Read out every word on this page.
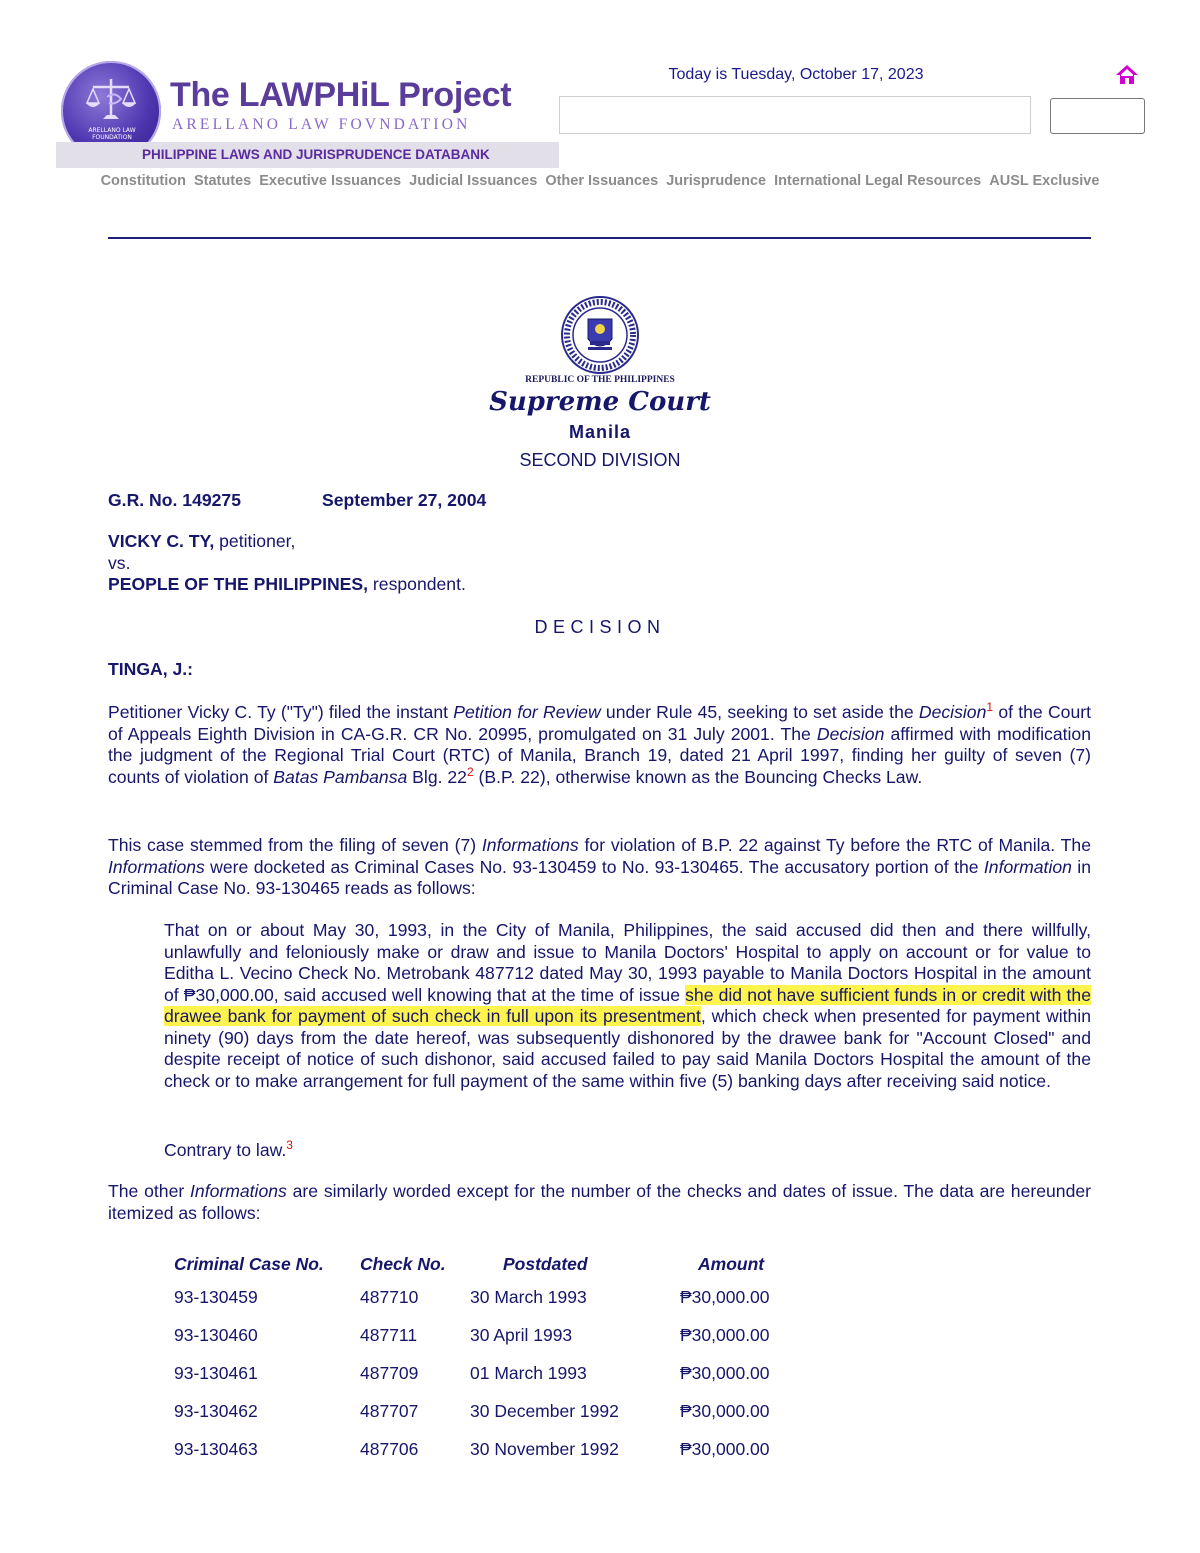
ARELLANO LAW FOUNDATION
The LAWPHiL Project
ARELLANO LAW FOVNDATION
PHILIPPINE LAWS AND JURISPRUDENCE DATABANK
Today is Tuesday, October 17, 2023
Constitution Statutes Executive Issuances Judicial Issuances Other Issuances Jurisprudence International Legal Resources AUSL Exclusive
REPUBLIC OF THE PHILIPPINES
Supreme Court
Manila
SECOND DIVISION
G.R. No. 149275	September 27, 2004
VICKY C. TY, petitioner,
vs.
PEOPLE OF THE PHILIPPINES, respondent.
DECISION
TINGA, J.:
Petitioner Vicky C. Ty ("Ty") filed the instant Petition for Review under Rule 45, seeking to set aside the Decision$^1$ of the Court of Appeals Eighth Division in CA-G.R. CR No. 20995, promulgated on 31 July 2001. The Decision affirmed with modification the judgment of the Regional Trial Court (RTC) of Manila, Branch 19, dated 21 April 1997, finding her guilty of seven (7) counts of violation of Batas Pambansa Blg. 22$^2$ (B.P. 22), otherwise known as the Bouncing Checks Law.
This case stemmed from the filing of seven (7) Informations for violation of B.P. 22 against Ty before the RTC of Manila. The Informations were docketed as Criminal Cases No. 93-130459 to No. 93-130465. The accusatory portion of the Information in Criminal Case No. 93-130465 reads as follows:
That on or about May 30, 1993, in the City of Manila, Philippines, the said accused did then and there willfully, unlawfully and feloniously make or draw and issue to Manila Doctors' Hospital to apply on account or for value to Editha L. Vecino Check No. Metrobank 487712 dated May 30, 1993 payable to Manila Doctors Hospital in the amount of ₱30,000.00, said accused well knowing that at the time of issue she did not have sufficient funds in or credit with the drawee bank for payment of such check in full upon its presentment, which check when presented for payment within ninety (90) days from the date hereof, was subsequently dishonored by the drawee bank for "Account Closed" and despite receipt of notice of such dishonor, said accused failed to pay said Manila Doctors Hospital the amount of the check or to make arrangement for full payment of the same within five (5) banking days after receiving said notice.
Contrary to law.$^3$
The other Informations are similarly worded except for the number of the checks and dates of issue. The data are hereunder itemized as follows:
Criminal Case No.	Check No.	Postdated	Amount
93-130459	487710	30 March 1993	₱30,000.00
93-130460	487711	30 April 1993	₱30,000.00
93-130461	487709	01 March 1993	₱30,000.00
93-130462	487707	30 December 1992	₱30,000.00
93-130463	487706	30 November 1992	₱30,000.00
